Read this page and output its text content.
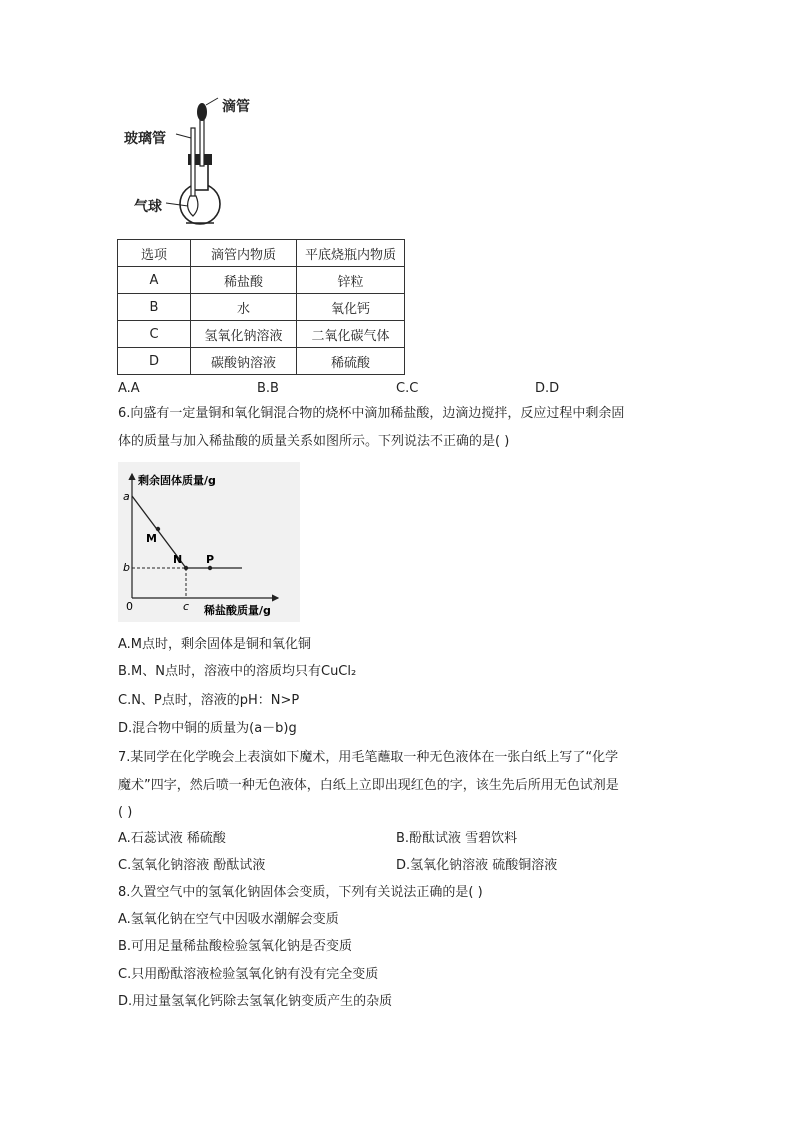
滴管
玻璃管
气球
选项	滴管内物质	平底烧瓶内物质
A	稀盐酸	锌粒
B	水	氧化钙
C	氢氧化钠溶液	二氧化碳气体
D	碳酸钠溶液	稀硫酸
A.A	B.B	C.C	D.D
6.向盛有一定量铜和氧化铜混合物的烧杯中滴加稀盐酸，边滴边搅拌，反应过程中剩余固
体的质量与加入稀盐酸的质量关系如图所示。下列说法不正确的是( )
剩余固体质量/g
稀盐酸质量/g
0
a
b
c
M
N P
A.M点时，剩余固体是铜和氧化铜
B.M、N点时，溶液中的溶质均只有CuCl₂
C.N、P点时，溶液的pH：N>P
D.混合物中铜的质量为(a－b)g
7.某同学在化学晚会上表演如下魔术，用毛笔蘸取一种无色液体在一张白纸上写了“化学
魔术”四字，然后喷一种无色液体，白纸上立即出现红色的字，该生先后所用无色试剂是
( )
A.石蕊试液 稀硫酸	B.酚酞试液 雪碧饮料
C.氢氧化钠溶液 酚酞试液	D.氢氧化钠溶液 硫酸铜溶液
8.久置空气中的氢氧化钠固体会变质，下列有关说法正确的是( )
A.氢氧化钠在空气中因吸水潮解会变质
B.可用足量稀盐酸检验氢氧化钠是否变质
C.只用酚酞溶液检验氢氧化钠有没有完全变质
D.用过量氢氧化钙除去氢氧化钠变质产生的杂质
